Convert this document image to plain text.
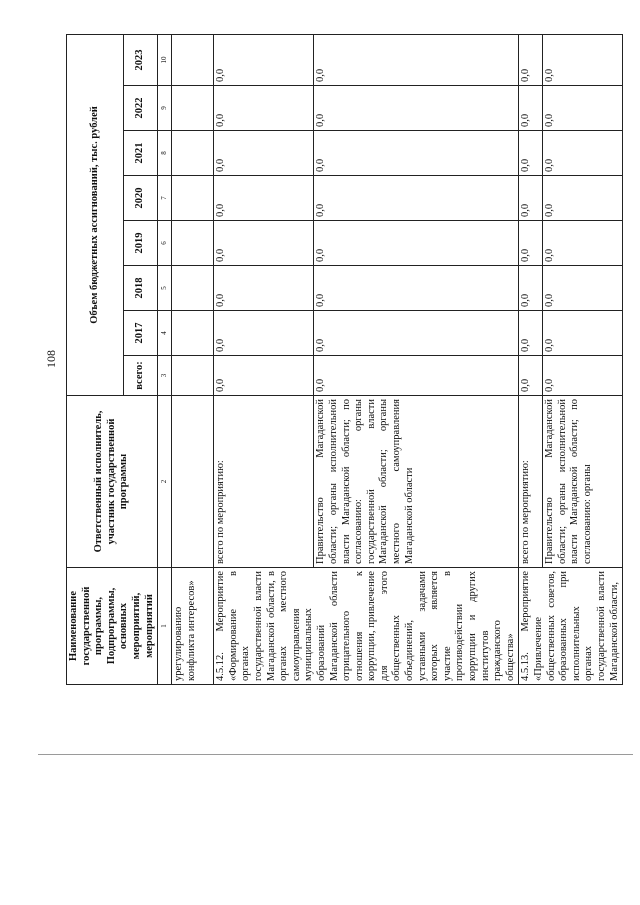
108
Наименование государственной программы, Подпрограммы, основных мероприятий, мероприятий	Ответственный исполнитель, участник государственной программы	Объем бюджетных ассигнований, тыс. рублей							
		всего:	2017	2018	2019	2020	2021	2022	2023
1	2	3	4	5	6	7	8	9	10
урегулированию конфликта интересов»									
4.5.12. Мероприятие «Формирование в органах государственной власти Магаданской области, в органах местного самоуправления муниципальных образований Магаданской области отрицательного отношения к коррупции, привлечение для этого общественных объединений, уставными задачами которых является участие в противодействии коррупции и других институтов гражданского общества»	всего по мероприятию:	0,0	0,0	0,0	0,0	0,0	0,0	0,0	0,0
	Правительство Магаданской области; органы исполнительной власти Магаданской области; по согласованию: органы государственной власти Магаданской области; органы местного самоуправления Магаданской области	0,0	0,0	0,0	0,0	0,0	0,0	0,0	0,0
4.5.13. Мероприятие «Привлечение общественных советов, образованных при исполнительных органах государственной власти Магаданской области,	всего по мероприятию:	0,0	0,0	0,0	0,0	0,0	0,0	0,0	0,0
	Правительство Магаданской области; органы исполнительной власти Магаданской области; по согласованию: органы	0,0	0,0	0,0	0,0	0,0	0,0	0,0	0,0
